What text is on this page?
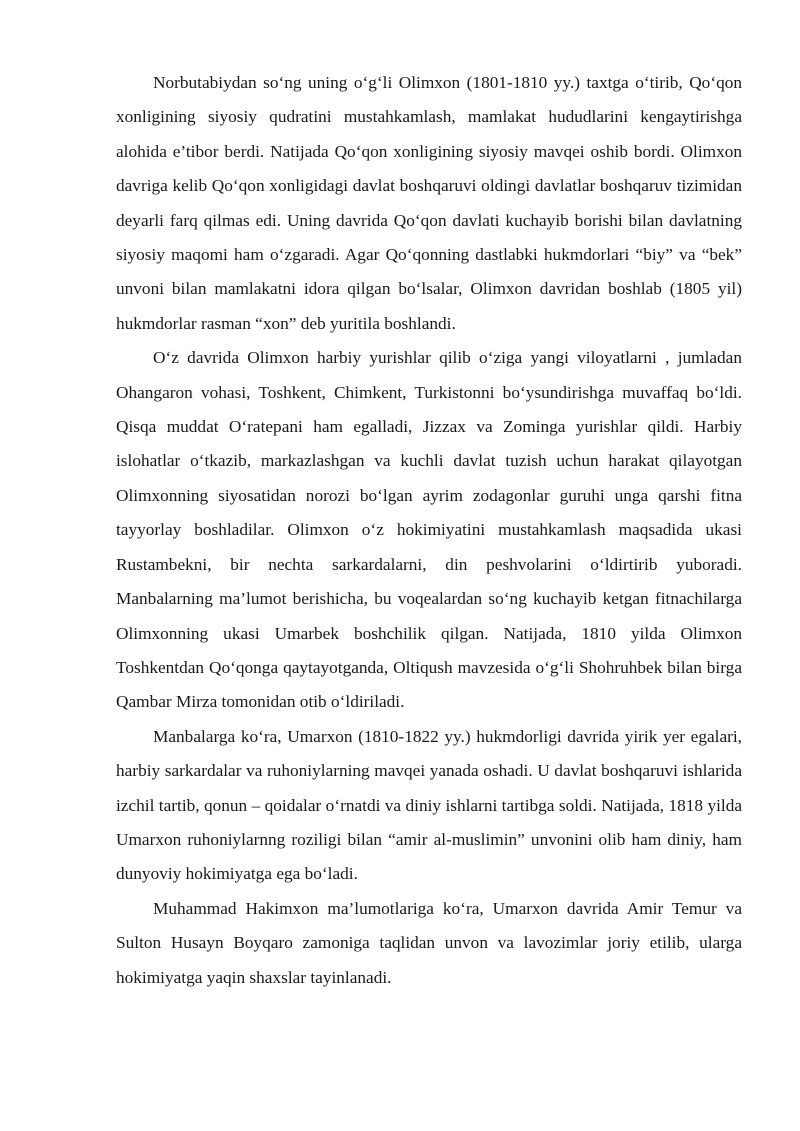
Norbutabiydan so‘ng uning o‘g‘li Olimxon (1801-1810 yy.) taxtga o‘tirib, Qo‘qon xonligining siyosiy qudratini mustahkamlash, mamlakat hududlarini kengaytirishga alohida e’tibor berdi. Natijada Qo‘qon xonligining siyosiy mavqei oshib bordi. Olimxon davriga kelib Qo‘qon xonligidagi davlat boshqaruvi oldingi davlatlar boshqaruv tizimidan deyarli farq qilmas edi. Uning davrida Qo‘qon davlati kuchayib borishi bilan davlatning siyosiy maqomi ham o‘zgaradi. Agar Qo‘qonning dastlabki hukmdorlari “biy” va “bek” unvoni bilan mamlakatni idora qilgan bo‘lsalar, Olimxon davridan boshlab (1805 yil) hukmdorlar rasman “xon” deb yuritila boshlandi.

O‘z davrida Olimxon harbiy yurishlar qilib o‘ziga yangi viloyatlarni , jumladan Ohangaron vohasi, Toshkent, Chimkent, Turkistonni bo‘ysundirishga muvaffaq bo‘ldi. Qisqa muddat O‘ratepani ham egalladi, Jizzax va Zominga yurishlar qildi. Harbiy islohatlar o‘tkazib, markazlashgan va kuchli davlat tuzish uchun harakat qilayotgan Olimxonning siyosatidan norozi bo‘lgan ayrim zodagonlar guruhi unga qarshi fitna tayyorlay boshladilar. Olimxon o‘z hokimiyatini mustahkamlash maqsadida ukasi Rustambekni, bir nechta sarkardalarni, din peshvolarini o‘ldirtirib yuboradi. Manbalarning ma’lumot berishicha, bu voqealardan so‘ng kuchayib ketgan fitnachilarga Olimxonning ukasi Umarbek boshchilik qilgan. Natijada, 1810 yilda Olimxon Toshkentdan Qo‘qonga qaytayotganda, Oltiqush mavzesida o‘g‘li Shohruhbek bilan birga Qambar Mirza tomonidan otib o‘ldiriladi.

Manbalarga ko‘ra, Umarxon (1810-1822 yy.) hukmdorligi davrida yirik yer egalari, harbiy sarkardalar va ruhoniylarning mavqei yanada oshadi. U davlat boshqaruvi ishlarida izchil tartib, qonun – qoidalar o‘rnatdi va diniy ishlarni tartibga soldi. Natijada, 1818 yilda Umarxon ruhoniylarnng roziligi bilan “amir al-muslimin” unvonini olib ham diniy, ham dunyoviy hokimiyatga ega bo‘ladi.

Muhammad Hakimxon ma’lumotlariga ko‘ra, Umarxon davrida Amir Temur va Sulton Husayn Boyqaro zamoniga taqlidan unvon va lavozimlar joriy etilib, ularga hokimiyatga yaqin shaxslar tayinlanadi.
